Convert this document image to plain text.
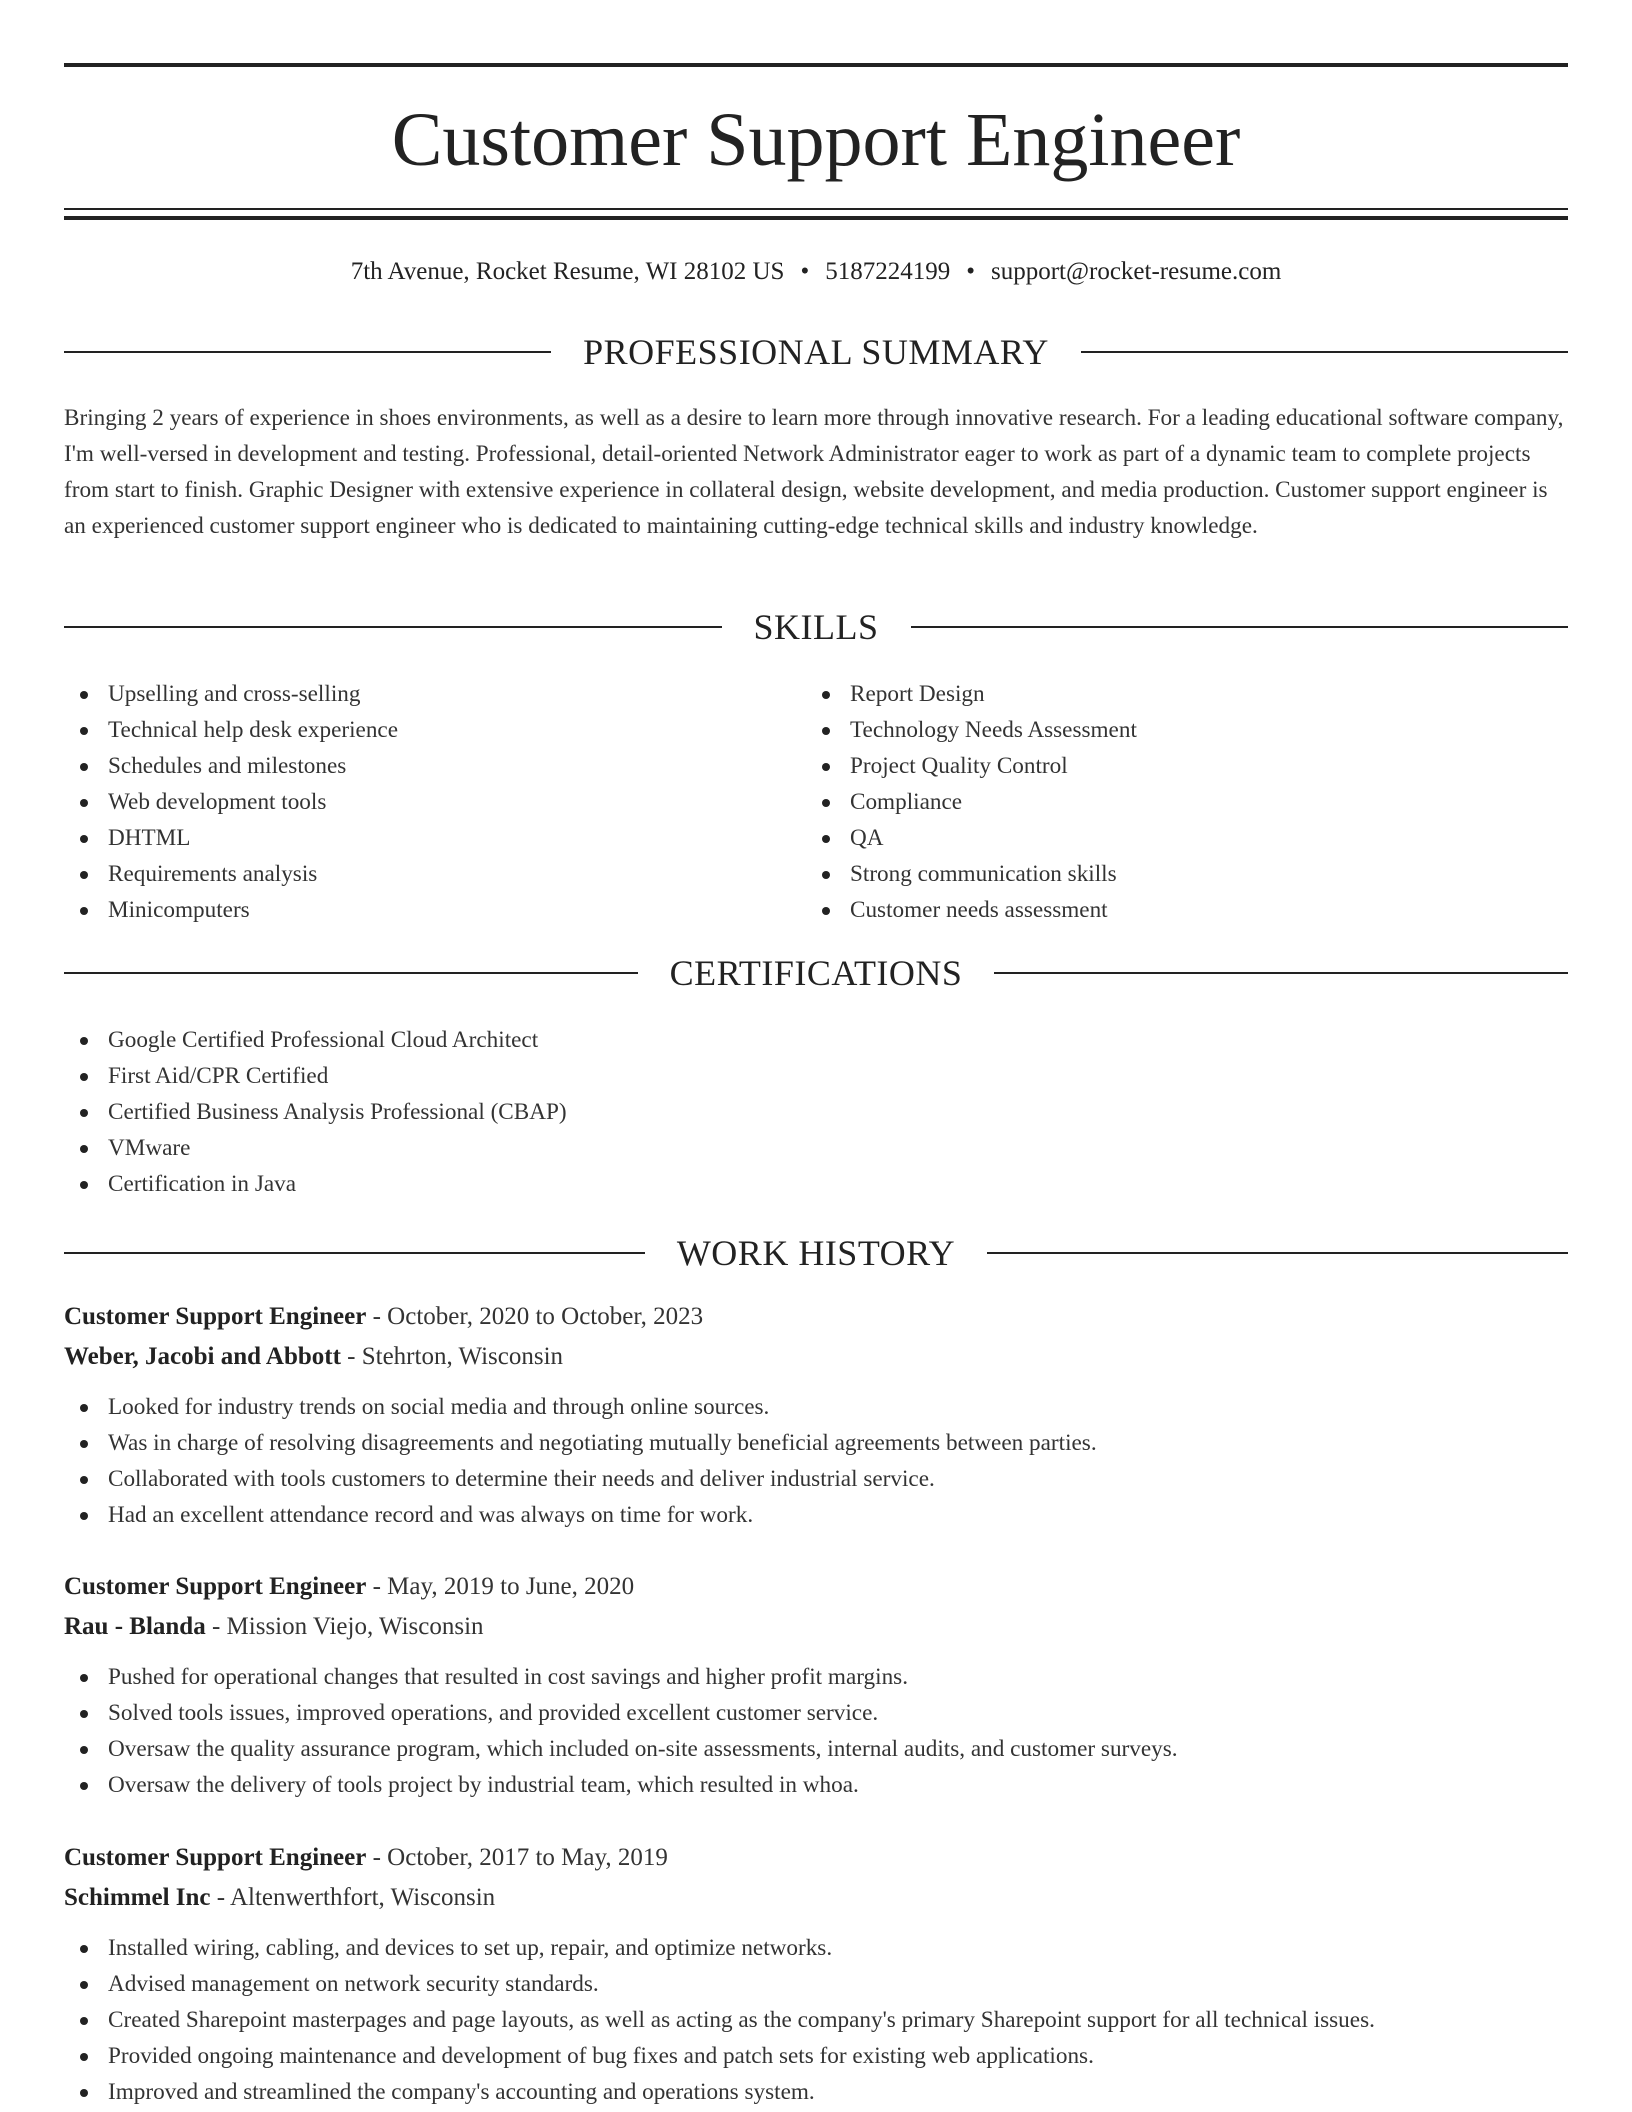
Customer Support Engineer
7th Avenue, Rocket Resume, WI 28102 US • 5187224199 • support@rocket-resume.com
PROFESSIONAL SUMMARY

Bringing 2 years of experience in shoes environments, as well as a desire to learn more through innovative research. For a leading educational software company, I'm well-versed in development and testing. Professional, detail-oriented Network Administrator eager to work as part of a dynamic team to complete projects from start to finish. Graphic Designer with extensive experience in collateral design, website development, and media production. Customer support engineer is an experienced customer support engineer who is dedicated to maintaining cutting-edge technical skills and industry knowledge.

SKILLS
Upselling and cross-selling
Technical help desk experience
Schedules and milestones
Web development tools
DHTML
Requirements analysis
Minicomputers
Report Design
Technology Needs Assessment
Project Quality Control
Compliance
QA
Strong communication skills
Customer needs assessment
CERTIFICATIONS
Google Certified Professional Cloud Architect
First Aid/CPR Certified
Certified Business Analysis Professional (CBAP)
VMware
Certification in Java
WORK HISTORY
Customer Support Engineer - October, 2020 to October, 2023
Weber, Jacobi and Abbott - Stehrton, Wisconsin
Looked for industry trends on social media and through online sources.
Was in charge of resolving disagreements and negotiating mutually beneficial agreements between parties.
Collaborated with tools customers to determine their needs and deliver industrial service.
Had an excellent attendance record and was always on time for work.
Customer Support Engineer - May, 2019 to June, 2020
Rau - Blanda - Mission Viejo, Wisconsin
Pushed for operational changes that resulted in cost savings and higher profit margins.
Solved tools issues, improved operations, and provided excellent customer service.
Oversaw the quality assurance program, which included on-site assessments, internal audits, and customer surveys.
Oversaw the delivery of tools project by industrial team, which resulted in whoa.
Customer Support Engineer - October, 2017 to May, 2019
Schimmel Inc - Altenwerthfort, Wisconsin
Installed wiring, cabling, and devices to set up, repair, and optimize networks.
Advised management on network security standards.
Created Sharepoint masterpages and page layouts, as well as acting as the company's primary Sharepoint support for all technical issues.
Provided ongoing maintenance and development of bug fixes and patch sets for existing web applications.
Improved and streamlined the company's accounting and operations system.
